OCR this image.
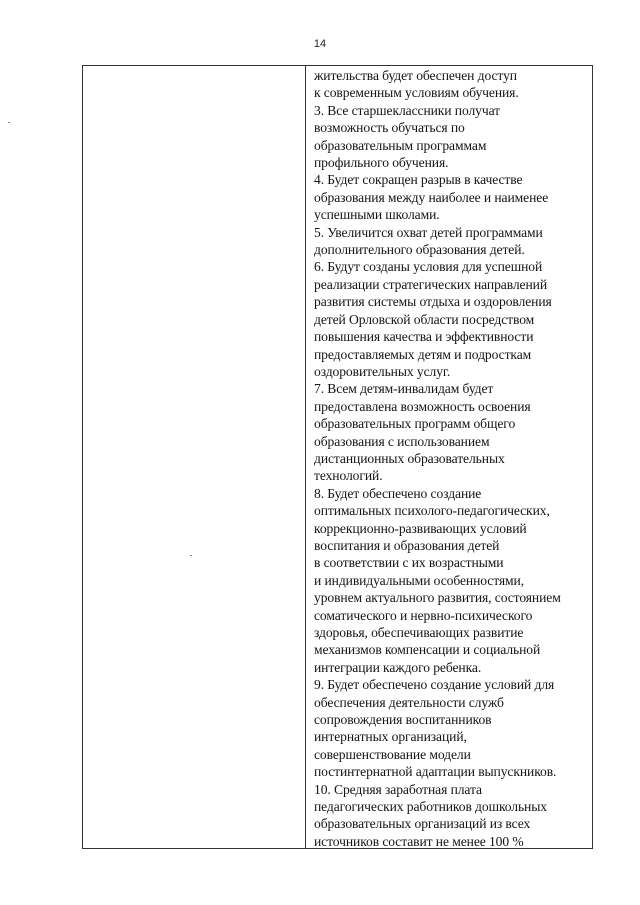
14
жительства будет обеспечен доступ
к современным условиям обучения.
3. Все старшеклассники получат
возможность обучаться по
образовательным программам
профильного обучения.
4. Будет сокращен разрыв в качестве
образования между наиболее и наименее
успешными школами.
5. Увеличится охват детей программами
дополнительного образования детей.
6. Будут созданы условия для успешной
реализации стратегических направлений
развития системы отдыха и оздоровления
детей Орловской области посредством
повышения качества и эффективности
предоставляемых детям и подросткам
оздоровительных услуг.
7. Всем детям-инвалидам будет
предоставлена возможность освоения
образовательных программ общего
образования с использованием
дистанционных образовательных
технологий.
8. Будет обеспечено создание
оптимальных психолого-педагогических,
коррекционно-развивающих условий
воспитания и образования детей
в соответствии с их возрастными
и индивидуальными особенностями,
уровнем актуального развития, состоянием
соматического и нервно-психического
здоровья, обеспечивающих развитие
механизмов компенсации и социальной
интеграции каждого ребенка.
9. Будет обеспечено создание условий для
обеспечения деятельности служб
сопровождения воспитанников
интернатных организаций,
совершенствование модели
постинтернатной адаптации выпускников.
10. Средняя заработная плата
педагогических работников дошкольных
образовательных организаций из всех
источников составит не менее 100 %
